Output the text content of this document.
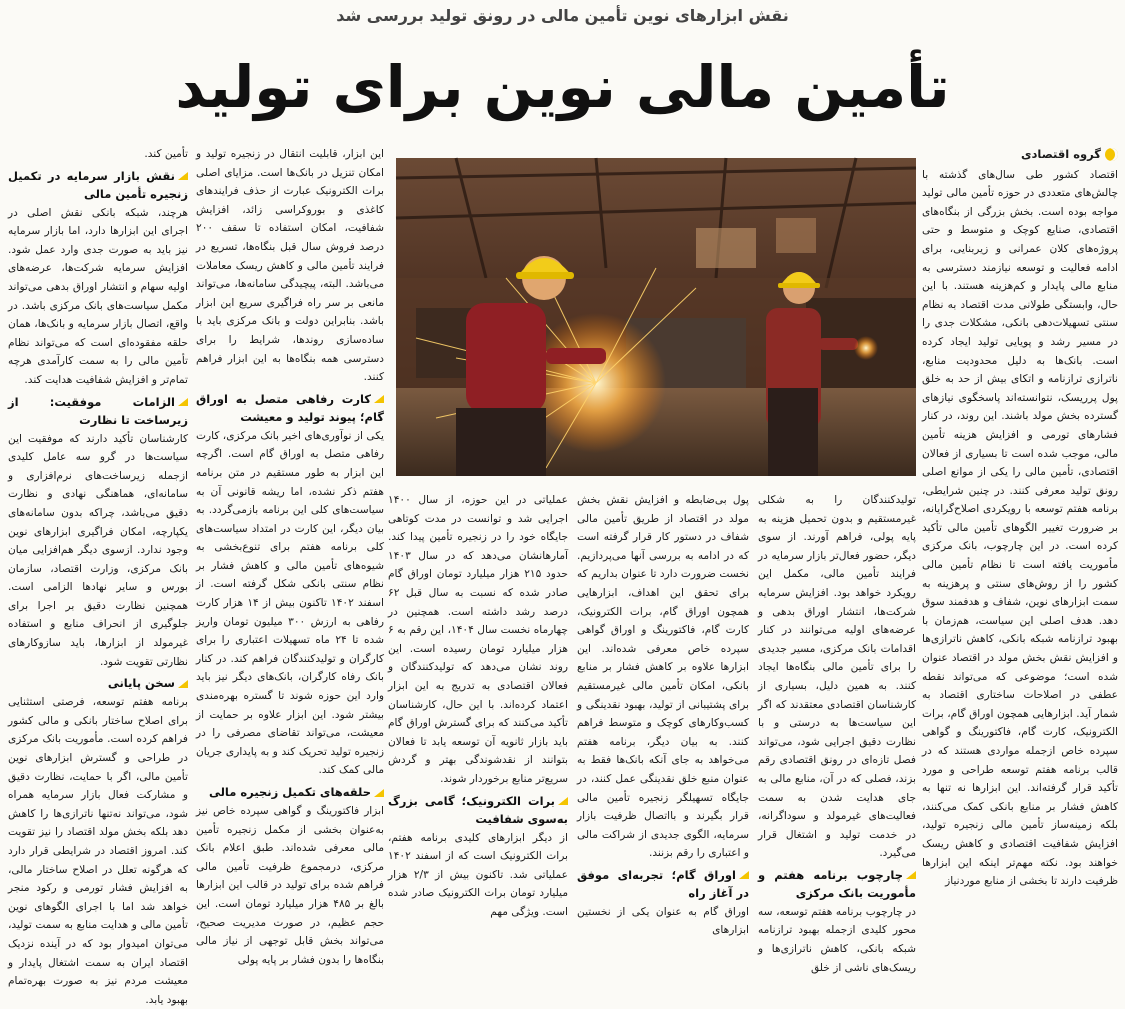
نقش ابزارهای نوین تأمین مالی در رونق تولید بررسی شد
تأمین مالی نوین برای تولید
گروه اقتصادی

اقتصاد کشور طی سال‌های گذشته با چالش‌های متعددی در حوزه تأمین مالی تولید مواجه بوده است. بخش بزرگی از بنگاه‌های اقتصادی، صنایع کوچک و متوسط و حتی پروژه‌های کلان عمرانی و زیربنایی، برای ادامه فعالیت و توسعه نیازمند دسترسی به منابع مالی پایدار و کم‌هزینه هستند. با این حال، وابستگی طولانی مدت اقتصاد به نظام سنتی تسهیلات‌دهی بانکی، مشکلات جدی را در مسیر رشد و پویایی تولید ایجاد کرده است. بانک‌ها به دلیل محدودیت منابع، ناترازی ترازنامه و اتکای بیش از حد به خلق پول پرریسک، نتوانسته‌اند پاسخگوی نیازهای گسترده بخش مولد باشند. این روند، در کنار فشارهای تورمی و افزایش هزینه تأمین مالی، موجب شده است تا بسیاری از فعالان اقتصادی، تأمین مالی را یکی از موانع اصلی رونق تولید معرفی کنند. در چنین شرایطی، برنامه هفتم توسعه با رویکردی اصلاح‌گرایانه، بر ضرورت تغییر الگوهای تأمین مالی تأکید کرده است. در این چارچوب، بانک مرکزی مأموریت یافته است تا نظام تأمین مالی کشور را از روش‌های سنتی و پرهزینه به سمت ابزارهای نوین، شفاف و هدفمند سوق دهد. هدف اصلی این سیاست، هم‌زمان با بهبود ترازنامه شبکه بانکی، کاهش ناترازی‌ها و افزایش نقش بخش مولد در اقتصاد عنوان شده است؛ موضوعی که می‌تواند نقطه عطفی در اصلاحات ساختاری اقتصاد به شمار آید. ابزارهایی همچون اوراق گام، برات الکترونیک، کارت گام، فاکتورینگ و گواهی سپرده خاص ازجمله مواردی هستند که در قالب برنامه هفتم توسعه طراحی و مورد تأکید قرار گرفته‌اند. این ابزارها نه تنها به کاهش فشار بر منابع بانکی کمک می‌کنند، بلکه زمینه‌ساز تأمین مالی زنجیره تولید، افزایش شفافیت اقتصادی و کاهش ریسک خواهند بود. نکته مهم‌تر اینکه این ابزارها ظرفیت دارند تا بخشی از منابع موردنیاز

تولیدکنندگان را به شکلی غیرمستقیم و بدون تحمیل هزینه به پایه پولی، فراهم آورند. از سوی دیگر، حضور فعال‌تر بازار سرمایه در فرایند تأمین مالی، مکمل این رویکرد خواهد بود. افزایش سرمایه شرکت‌ها، انتشار اوراق بدهی و عرضه‌های اولیه می‌توانند در کنار اقدامات بانک مرکزی، مسیر جدیدی را برای تأمین مالی بنگاه‌ها ایجاد کنند. به همین دلیل، بسیاری از کارشناسان اقتصادی معتقدند که اگر این سیاست‌ها به درستی و با نظارت دقیق اجرایی شود، می‌تواند فصل تازه‌ای در رونق اقتصادی رقم بزند، فصلی که در آن، منابع مالی به جای هدایت شدن به سمت فعالیت‌های غیرمولد و سوداگرانه، در خدمت تولید و اشتغال قرار می‌گیرد.

چارچوب برنامه هفتم و مأموریت بانک مرکزی

در چارچوب برنامه هفتم توسعه، سه محور کلیدی ازجمله بهبود ترازنامه شبکه بانکی، کاهش ناترازی‌ها و ریسک‌های ناشی از خلق

پول بی‌ضابطه و افزایش نقش بخش مولد در اقتصاد از طریق تأمین مالی شفاف در دستور کار قرار گرفته است که در ادامه به بررسی آنها می‌پردازیم. نخست ضرورت دارد تا عنوان بداریم که برای تحقق این اهداف، ابزارهایی همچون اوراق گام، برات الکترونیک، کارت گام، فاکتورینگ و اوراق گواهی سپرده خاص معرفی شده‌اند. این ابزارها علاوه بر کاهش فشار بر منابع بانکی، امکان تأمین مالی غیرمستقیم برای پشتیبانی از تولید، بهبود نقدینگی و کسب‌وکارهای کوچک و متوسط فراهم کنند. به بیان دیگر، برنامه هفتم می‌خواهد به جای آنکه بانک‌ها فقط به عنوان منبع خلق نقدینگی عمل کنند، در جایگاه تسهیلگر زنجیره تأمین مالی قرار بگیرند و بااتصال ظرفیت بازار سرمایه، الگوی جدیدی از شراکت مالی و اعتباری را رقم بزنند.

اوراق گام؛ تجربه‌ای موفق در آغاز راه

اوراق گام به عنوان یکی از نخستین ابزارهای

عملیاتی در این حوزه، از سال ۱۴۰۰ اجرایی شد و توانست در مدت کوتاهی جایگاه خود را در زنجیره تأمین پیدا کند. آمارهانشان می‌دهد که در سال ۱۴۰۳ حدود ۲۱۵ هزار میلیارد تومان اوراق گام صادر شده که نسبت به سال قبل ۶۲ درصد رشد داشته است. همچنین در چهارماه نخست سال ۱۴۰۴، این رقم به ۶ هزار میلیارد تومان رسیده است. این روند نشان می‌دهد که تولیدکنندگان و فعالان اقتصادی به تدریج به این ابزار اعتماد کرده‌اند. با این حال، کارشناسان تأکید می‌کنند که برای گسترش اوراق گام باید بازار ثانویه آن توسعه یابد تا فعالان بتوانند از نقدشوندگی بهتر و گردش سریع‌تر منابع برخوردار شوند.

برات الکترونیک؛ گامی بزرگ به‌سوی شفافیت

از دیگر ابزارهای کلیدی برنامه هفتم، برات الکترونیک است که از اسفند ۱۴۰۲ عملیاتی شد. تاکنون بیش از ۲/۳ هزار میلیارد تومان برات الکترونیک صادر شده است. ویژگی مهم

این ابزار، قابلیت انتقال در زنجیره تولید و امکان تنزیل در بانک‌ها است. مزایای اصلی برات الکترونیک عبارت از حذف فرایندهای کاغذی و بوروکراسی زائد، افزایش شفافیت، امکان استفاده تا سقف ۲۰۰ درصد فروش سال قبل بنگاه‌ها، تسریع در فرایند تأمین مالی و کاهش ریسک معاملات می‌باشد. البته، پیچیدگی سامانه‌ها، می‌تواند مانعی بر سر راه فراگیری سریع این ابزار باشد. بنابراین دولت و بانک مرکزی باید با ساده‌سازی روندها، شرایط را برای دسترسی همه بنگاه‌ها به این ابزار فراهم کنند.

کارت رفاهی متصل به اوراق گام؛ پیوند تولید و معیشت

یکی از نوآوری‌های اخیر بانک مرکزی، کارت رفاهی متصل به اوراق گام است. اگرچه این ابزار به طور مستقیم در متن برنامه هفتم ذکر نشده، اما ریشه قانونی آن به سیاست‌های کلی این برنامه بازمی‌گردد. به بیان دیگر، این کارت در امتداد سیاست‌های کلی برنامه هفتم برای تنوع‌بخشی به شیوه‌های تأمین مالی و کاهش فشار بر نظام سنتی بانکی شکل گرفته است. از اسفند ۱۴۰۲ تاکنون بیش از ۱۴ هزار کارت رفاهی به ارزش ۳۰۰ میلیون تومان واریز شده تا ۲۴ ماه تسهیلات اعتباری را برای کارگران و تولیدکنندگان فراهم کند. در کنار بانک رفاه کارگران، بانک‌های دیگر نیز باید وارد این حوزه شوند تا گستره بهره‌مندی بیشتر شود. این ابزار علاوه بر حمایت از معیشت، می‌تواند تقاضای مصرفی را در زنجیره تولید تحریک کند و به پایداری جریان مالی کمک کند.

حلقه‌های تکمیل زنجیره مالی

ابزار فاکتورینگ و گواهی سپرده خاص نیز به‌عنوان بخشی از مکمل زنجیره تأمین مالی معرفی شده‌اند. طبق اعلام بانک مرکزی، درمجموع ظرفیت تأمین مالی فراهم شده برای تولید در قالب این ابزارها بالغ بر ۴۸۵ هزار میلیارد تومان است. این حجم عظیم، در صورت مدیریت صحیح، می‌تواند بخش قابل توجهی از نیاز مالی بنگاه‌ها را بدون فشار بر پایه پولی

تأمین کند.

نقش بازار سرمایه در تکمیل زنجیره تأمین مالی

هرچند، شبکه بانکی نقش اصلی در اجرای این ابزارها دارد، اما بازار سرمایه نیز باید به صورت جدی وارد عمل شود. افزایش سرمایه شرکت‌ها، عرضه‌های اولیه سهام و انتشار اوراق بدهی می‌تواند مکمل سیاست‌های بانک مرکزی باشد. در واقع، اتصال بازار سرمایه و بانک‌ها، همان حلقه مفقوده‌ای است که می‌تواند نظام تأمین مالی را به سمت کارآمدی هرچه تمام‌تر و افزایش شفافیت هدایت کند.

الزامات موفقیت: از زیرساخت تا نظارت

کارشناسان تأکید دارند که موفقیت این سیاست‌ها در گرو سه عامل کلیدی ازجمله زیرساخت‌های نرم‌افزاری و سامانه‌ای، هماهنگی نهادی و نظارت دقیق می‌باشد، چراکه بدون سامانه‌های یکپارچه، امکان فراگیری ابزارهای نوین وجود ندارد. ازسوی دیگر هم‌افزایی میان بانک مرکزی، وزارت اقتصاد، سازمان بورس و سایر نهادها الزامی است. همچنین نظارت دقیق بر اجرا برای جلوگیری از انحراف منابع و استفاده غیرمولد از ابزارها، باید سازوکارهای نظارتی تقویت شود.

سخن پایانی

برنامه هفتم توسعه، فرصتی استثنایی برای اصلاح ساختار بانکی و مالی کشور فراهم کرده است. مأموریت بانک مرکزی در طراحی و گسترش ابزارهای نوین تأمین مالی، اگر با حمایت، نظارت دقیق و مشارکت فعال بازار سرمایه همراه شود، می‌تواند نه‌تنها ناترازی‌ها را کاهش دهد بلکه بخش مولد اقتصاد را نیز تقویت کند. امروز اقتصاد در شرایطی قرار دارد که هرگونه تعلل در اصلاح ساختار مالی، به افزایش فشار تورمی و رکود منجر خواهد شد اما با اجرای الگوهای نوین تأمین مالی و هدایت منابع به سمت تولید، می‌توان امیدوار بود که در آینده نزدیک اقتصاد ایران به سمت اشتغال پایدار و معیشت مردم نیز به صورت بهره‌تمام بهبود یابد.
